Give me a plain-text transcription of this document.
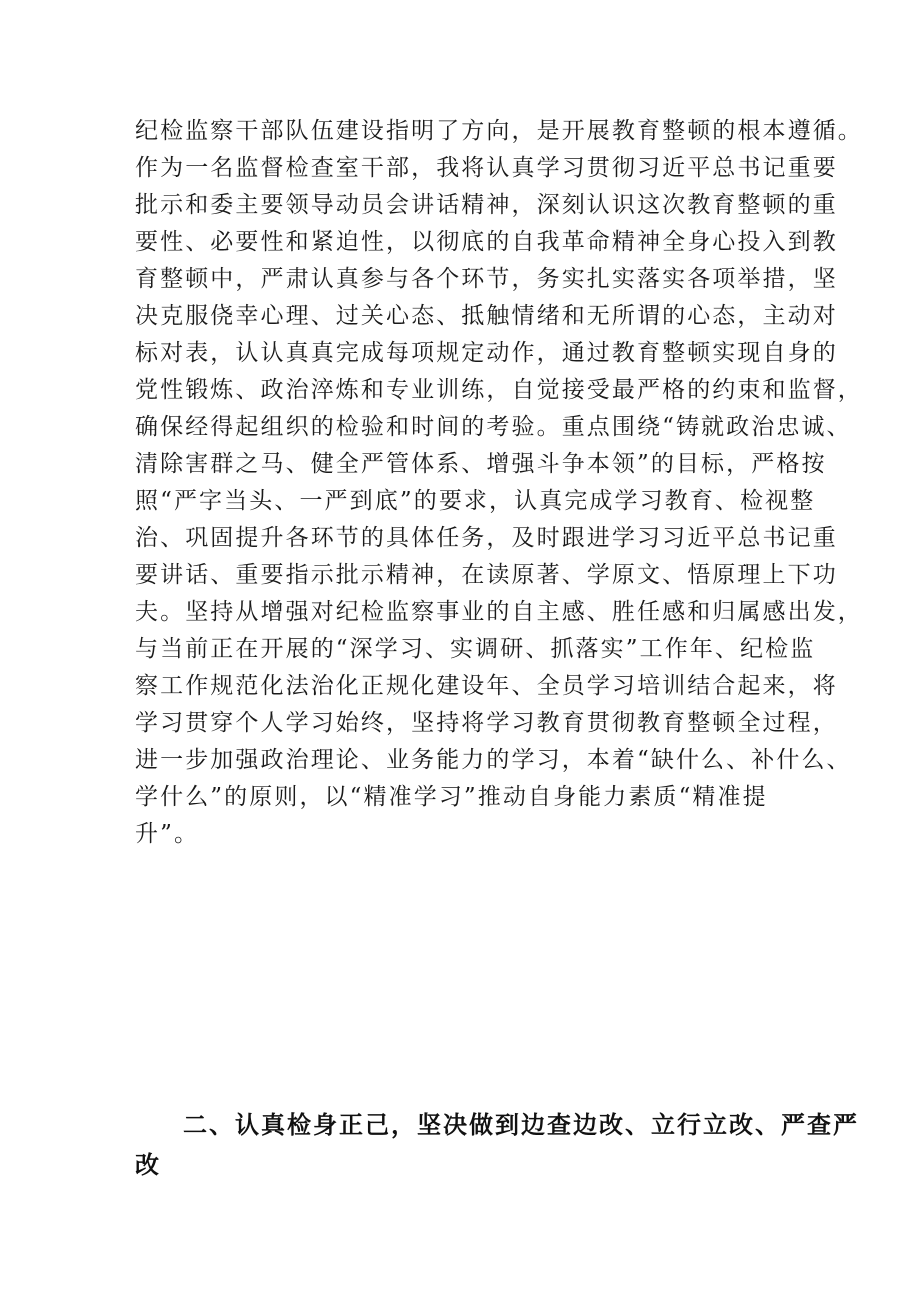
纪检监察干部队伍建设指明了方向，是开展教育整顿的根本遵循。
作为一名监督检查室干部，我将认真学习贯彻习近平总书记重要
批示和委主要领导动员会讲话精神，深刻认识这次教育整顿的重
要性、必要性和紧迫性，以彻底的自我革命精神全身心投入到教
育整顿中，严肃认真参与各个环节，务实扎实落实各项举措，坚
决克服侥幸心理、过关心态、抵触情绪和无所谓的心态，主动对
标对表，认认真真完成每项规定动作，通过教育整顿实现自身的
党性锻炼、政治淬炼和专业训练，自觉接受最严格的约束和监督，
确保经得起组织的检验和时间的考验。重点围绕“铸就政治忠诚、
清除害群之马、健全严管体系、增强斗争本领”的目标，严格按
照“严字当头、一严到底”的要求，认真完成学习教育、检视整
治、巩固提升各环节的具体任务，及时跟进学习习近平总书记重
要讲话、重要指示批示精神，在读原著、学原文、悟原理上下功
夫。坚持从增强对纪检监察事业的自主感、胜任感和归属感出发，
与当前正在开展的“深学习、实调研、抓落实”工作年、纪检监
察工作规范化法治化正规化建设年、全员学习培训结合起来，将
学习贯穿个人学习始终，坚持将学习教育贯彻教育整顿全过程，
进一步加强政治理论、业务能力的学习，本着“缺什么、补什么、
学什么”的原则，以“精准学习”推动自身能力素质“精准提
升”。
二、认真检身正己，坚决做到边查边改、立行立改、严查严
改
